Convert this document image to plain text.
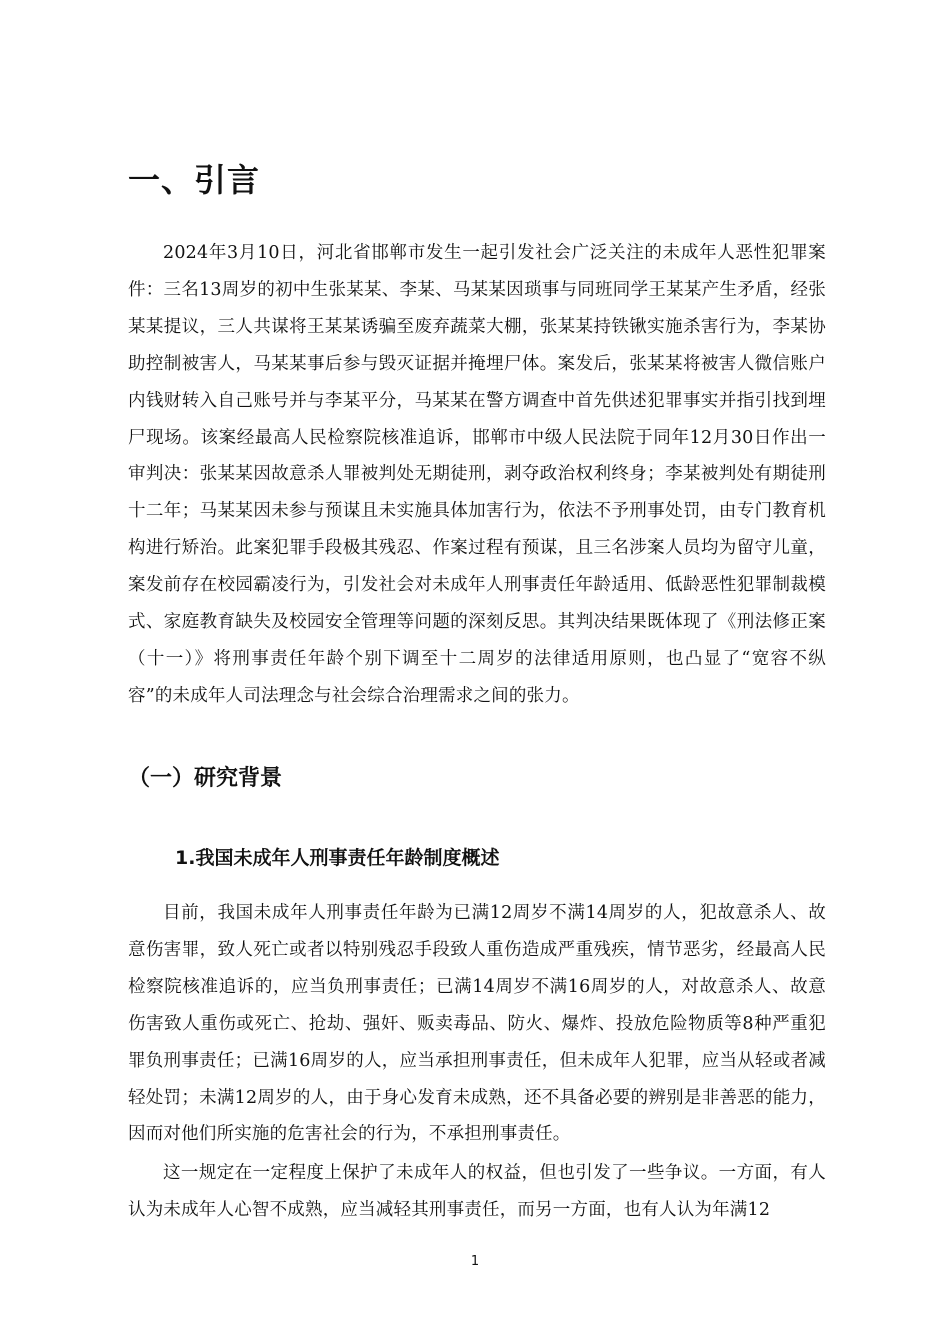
一、引言

2024年3月10日，河北省邯郸市发生一起引发社会广泛关注的未成年人恶性犯罪案件：三名13周岁的初中生张某某、李某、马某某因琐事与同班同学王某某产生矛盾，经张某某提议，三人共谋将王某某诱骗至废弃蔬菜大棚，张某某持铁锹实施杀害行为，李某协助控制被害人，马某某事后参与毁灭证据并掩埋尸体。案发后，张某某将被害人微信账户内钱财转入自己账号并与李某平分，马某某在警方调查中首先供述犯罪事实并指引找到埋尸现场。该案经最高人民检察院核准追诉，邯郸市中级人民法院于同年12月30日作出一审判决：张某某因故意杀人罪被判处无期徒刑，剥夺政治权利终身；李某被判处有期徒刑十二年；马某某因未参与预谋且未实施具体加害行为，依法不予刑事处罚，由专门教育机构进行矫治。此案犯罪手段极其残忍、作案过程有预谋，且三名涉案人员均为留守儿童，案发前存在校园霸凌行为，引发社会对未成年人刑事责任年龄适用、低龄恶性犯罪制裁模式、家庭教育缺失及校园安全管理等问题的深刻反思。其判决结果既体现了《刑法修正案（十一）》将刑事责任年龄个别下调至十二周岁的法律适用原则，也凸显了“宽容不纵容”的未成年人司法理念与社会综合治理需求之间的张力。

（一）研究背景
1.我国未成年人刑事责任年龄制度概述

目前，我国未成年人刑事责任年龄为已满12周岁不满14周岁的人，犯故意杀人、故意伤害罪，致人死亡或者以特别残忍手段致人重伤造成严重残疾，情节恶劣，经最高人民检察院核准追诉的，应当负刑事责任；已满14周岁不满16周岁的人，对故意杀人、故意伤害致人重伤或死亡、抢劫、强奸、贩卖毒品、防火、爆炸、投放危险物质等8种严重犯罪负刑事责任；已满16周岁的人，应当承担刑事责任，但未成年人犯罪，应当从轻或者减轻处罚；未满12周岁的人，由于身心发育未成熟，还不具备必要的辨别是非善恶的能力，因而对他们所实施的危害社会的行为，不承担刑事责任。

这一规定在一定程度上保护了未成年人的权益，但也引发了一些争议。一方面，有人认为未成年人心智不成熟，应当减轻其刑事责任，而另一方面，也有人认为年满12

1
